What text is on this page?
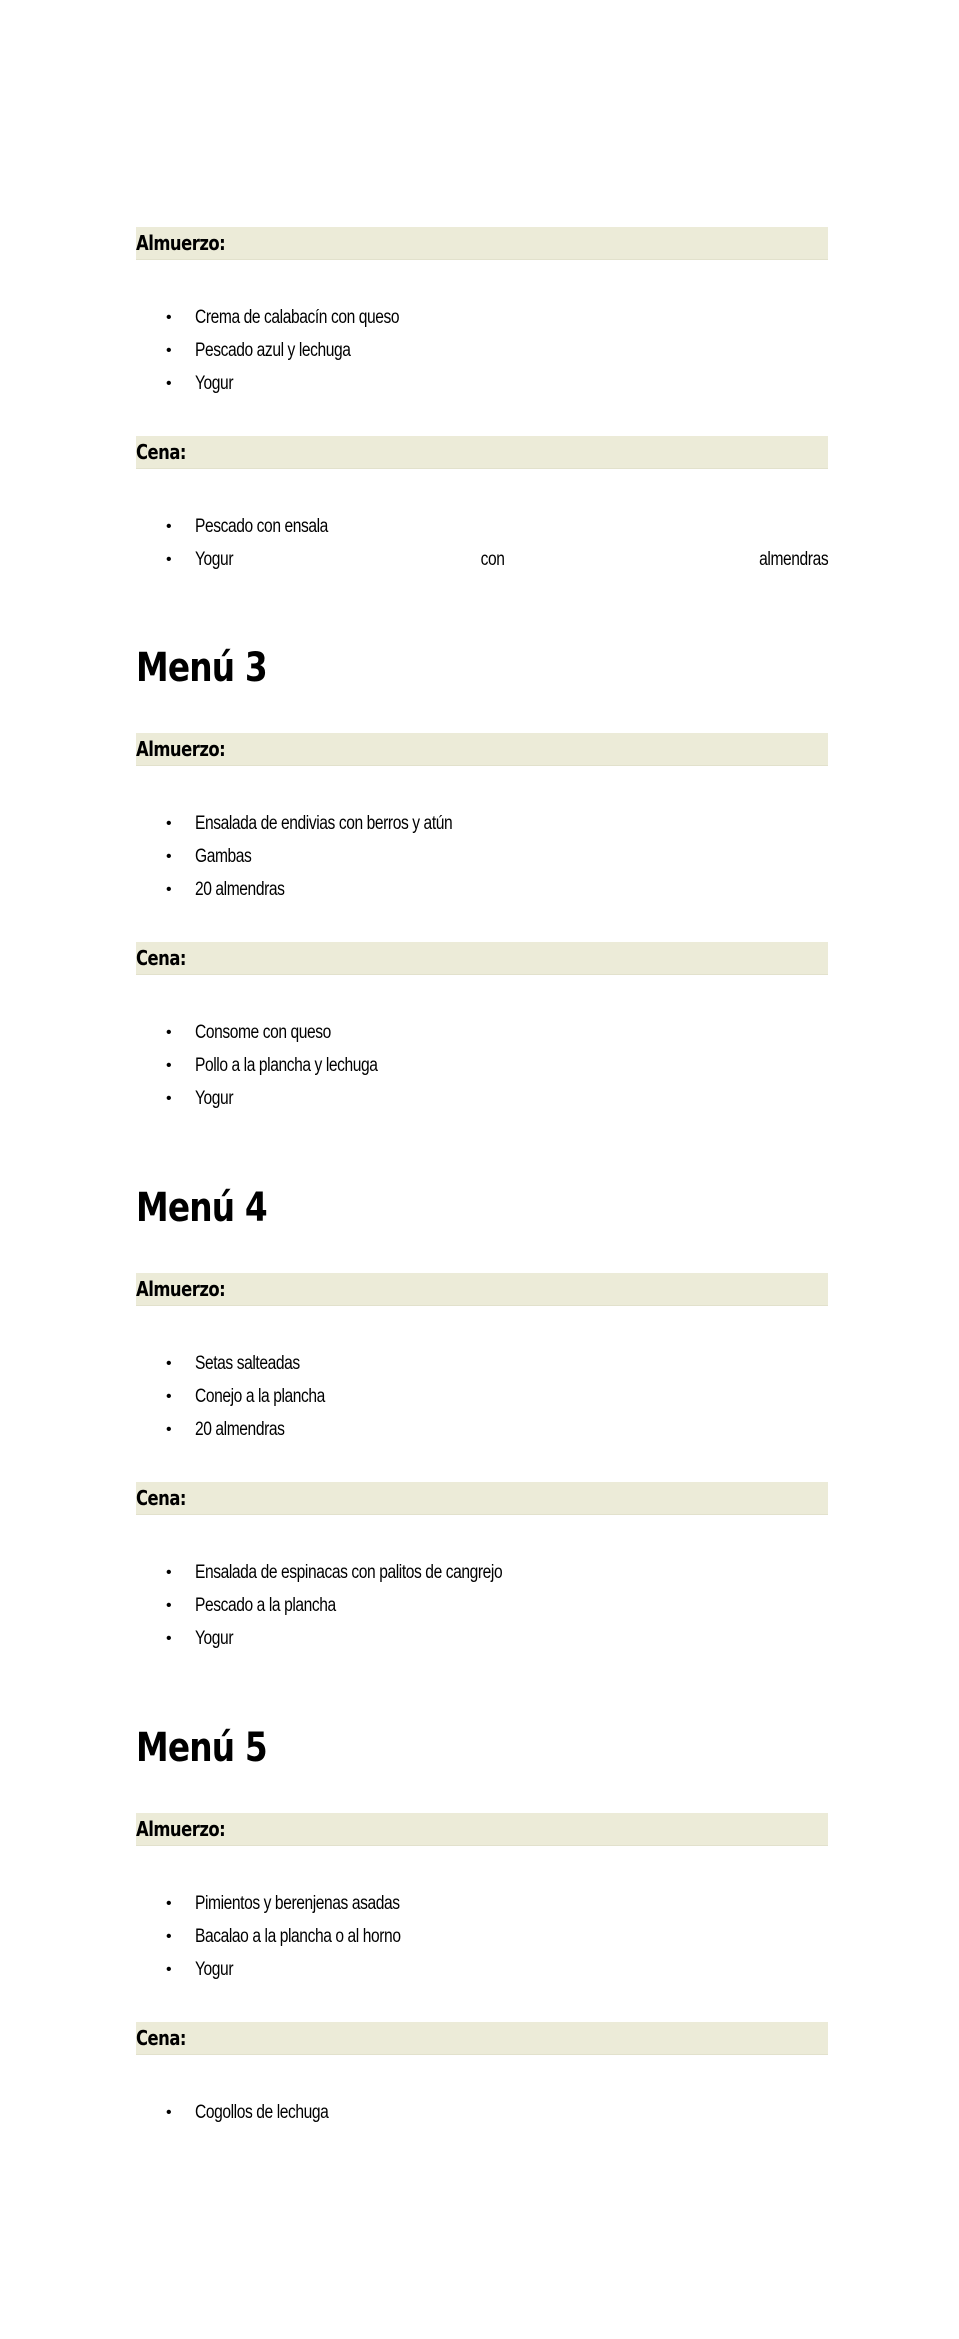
Almuerzo:
• Crema de calabacín con queso
• Pescado azul y lechuga
• Yogur
Cena:
• Pescado con ensala
• Yogur	con	almendras
Menú 3
Almuerzo:
• Ensalada de endivias con berros y atún
• Gambas
• 20 almendras
Cena:
• Consome con queso
• Pollo a la plancha y lechuga
• Yogur
Menú 4
Almuerzo:
• Setas salteadas
• Conejo a la plancha
• 20 almendras
Cena:
• Ensalada de espinacas con palitos de cangrejo
• Pescado a la plancha
• Yogur
Menú 5
Almuerzo:
• Pimientos y berenjenas asadas
• Bacalao a la plancha o al horno
• Yogur
Cena:
• Cogollos de lechuga
